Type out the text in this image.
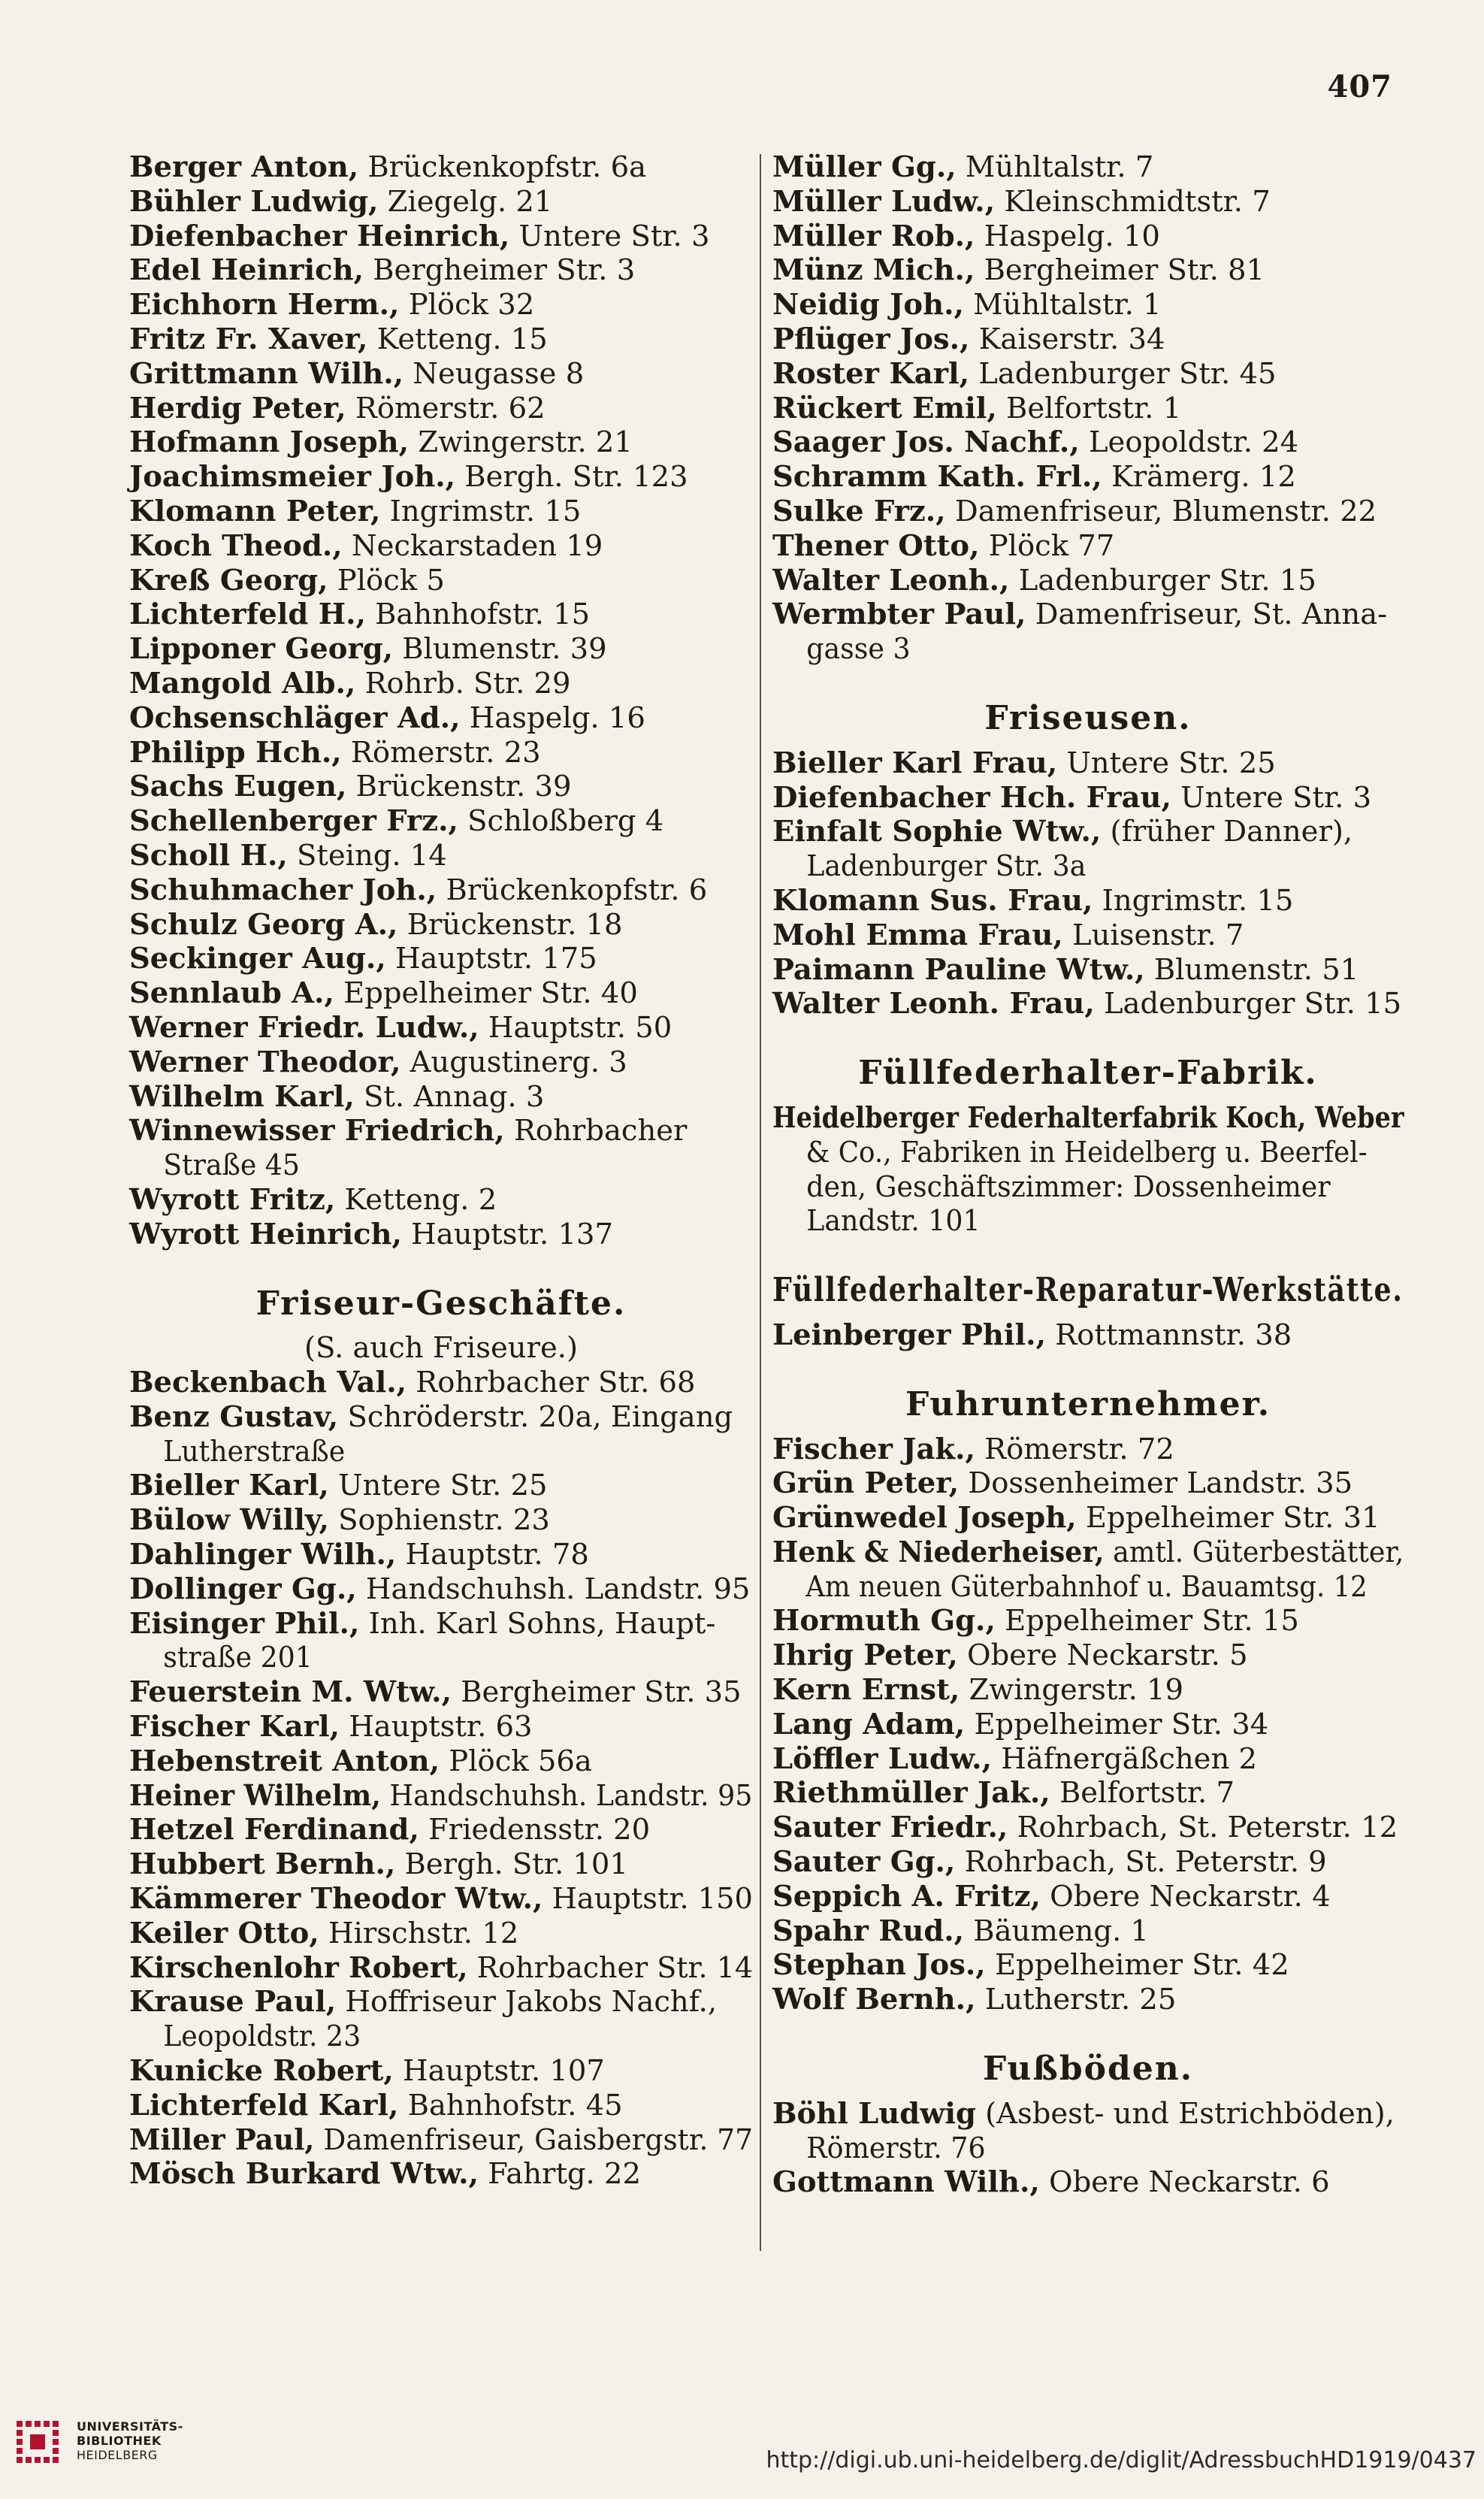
407
Berger Anton, Brückenkopfstr. 6a
Bühler Ludwig, Ziegelg. 21
Diefenbacher Heinrich, Untere Str. 3
Edel Heinrich, Bergheimer Str. 3
Eichhorn Herm., Plöck 32
Fritz Fr. Xaver, Ketteng. 15
Grittmann Wilh., Neugasse 8
Herdig Peter, Römerstr. 62
Hofmann Joseph, Zwingerstr. 21
Joachimsmeier Joh., Bergh. Str. 123
Klomann Peter, Ingrimstr. 15
Koch Theod., Neckarstaden 19
Kreß Georg, Plöck 5
Lichterfeld H., Bahnhofstr. 15
Lipponer Georg, Blumenstr. 39
Mangold Alb., Rohrb. Str. 29
Ochsenschläger Ad., Haspelg. 16
Philipp Hch., Römerstr. 23
Sachs Eugen, Brückenstr. 39
Schellenberger Frz., Schloßberg 4
Scholl H., Steing. 14
Schuhmacher Joh., Brückenkopfstr. 6
Schulz Georg A., Brückenstr. 18
Seckinger Aug., Hauptstr. 175
Sennlaub A., Eppelheimer Str. 40
Werner Friedr. Ludw., Hauptstr. 50
Werner Theodor, Augustinerg. 3
Wilhelm Karl, St. Annag. 3
Winnewisser Friedrich, Rohrbacher
Straße 45
Wyrott Fritz, Ketteng. 2
Wyrott Heinrich, Hauptstr. 137
Friseur-Geschäfte.
(S. auch Friseure.)
Beckenbach Val., Rohrbacher Str. 68
Benz Gustav, Schröderstr. 20a, Eingang
Lutherstraße
Bieller Karl, Untere Str. 25
Bülow Willy, Sophienstr. 23
Dahlinger Wilh., Hauptstr. 78
Dollinger Gg., Handschuhsh. Landstr. 95
Eisinger Phil., Inh. Karl Sohns, Haupt-
straße 201
Feuerstein M. Wtw., Bergheimer Str. 35
Fischer Karl, Hauptstr. 63
Hebenstreit Anton, Plöck 56a
Heiner Wilhelm, Handschuhsh. Landstr. 95
Hetzel Ferdinand, Friedensstr. 20
Hubbert Bernh., Bergh. Str. 101
Kämmerer Theodor Wtw., Hauptstr. 150
Keiler Otto, Hirschstr. 12
Kirschenlohr Robert, Rohrbacher Str. 14
Krause Paul, Hoffriseur Jakobs Nachf.,
Leopoldstr. 23
Kunicke Robert, Hauptstr. 107
Lichterfeld Karl, Bahnhofstr. 45
Miller Paul, Damenfriseur, Gaisbergstr. 77
Mösch Burkard Wtw., Fahrtg. 22
Müller Gg., Mühltalstr. 7
Müller Ludw., Kleinschmidtstr. 7
Müller Rob., Haspelg. 10
Münz Mich., Bergheimer Str. 81
Neidig Joh., Mühltalstr. 1
Pflüger Jos., Kaiserstr. 34
Roster Karl, Ladenburger Str. 45
Rückert Emil, Belfortstr. 1
Saager Jos. Nachf., Leopoldstr. 24
Schramm Kath. Frl., Krämerg. 12
Sulke Frz., Damenfriseur, Blumenstr. 22
Thener Otto, Plöck 77
Walter Leonh., Ladenburger Str. 15
Wermbter Paul, Damenfriseur, St. Anna-
gasse 3
Friseusen.
Bieller Karl Frau, Untere Str. 25
Diefenbacher Hch. Frau, Untere Str. 3
Einfalt Sophie Wtw., (früher Danner),
Ladenburger Str. 3a
Klomann Sus. Frau, Ingrimstr. 15
Mohl Emma Frau, Luisenstr. 7
Paimann Pauline Wtw., Blumenstr. 51
Walter Leonh. Frau, Ladenburger Str. 15
Füllfederhalter-Fabrik.
Heidelberger Federhalterfabrik Koch, Weber
& Co., Fabriken in Heidelberg u. Beerfel-
den, Geschäftszimmer: Dossenheimer
Landstr. 101
Füllfederhalter-Reparatur-Werkstätte.
Leinberger Phil., Rottmannstr. 38
Fuhrunternehmer.
Fischer Jak., Römerstr. 72
Grün Peter, Dossenheimer Landstr. 35
Grünwedel Joseph, Eppelheimer Str. 31
Henk & Niederheiser, amtl. Güterbestätter,
Am neuen Güterbahnhof u. Bauamtsg. 12
Hormuth Gg., Eppelheimer Str. 15
Ihrig Peter, Obere Neckarstr. 5
Kern Ernst, Zwingerstr. 19
Lang Adam, Eppelheimer Str. 34
Löffler Ludw., Häfnergäßchen 2
Riethmüller Jak., Belfortstr. 7
Sauter Friedr., Rohrbach, St. Peterstr. 12
Sauter Gg., Rohrbach, St. Peterstr. 9
Seppich A. Fritz, Obere Neckarstr. 4
Spahr Rud., Bäumeng. 1
Stephan Jos., Eppelheimer Str. 42
Wolf Bernh., Lutherstr. 25
Fußböden.
Böhl Ludwig (Asbest- und Estrichböden),
Römerstr. 76
Gottmann Wilh., Obere Neckarstr. 6
UNIVERSITÄTS-
BIBLIOTHEK
HEIDELBERG	http://digi.ub.uni-heidelberg.de/diglit/AdressbuchHD1919/0437
